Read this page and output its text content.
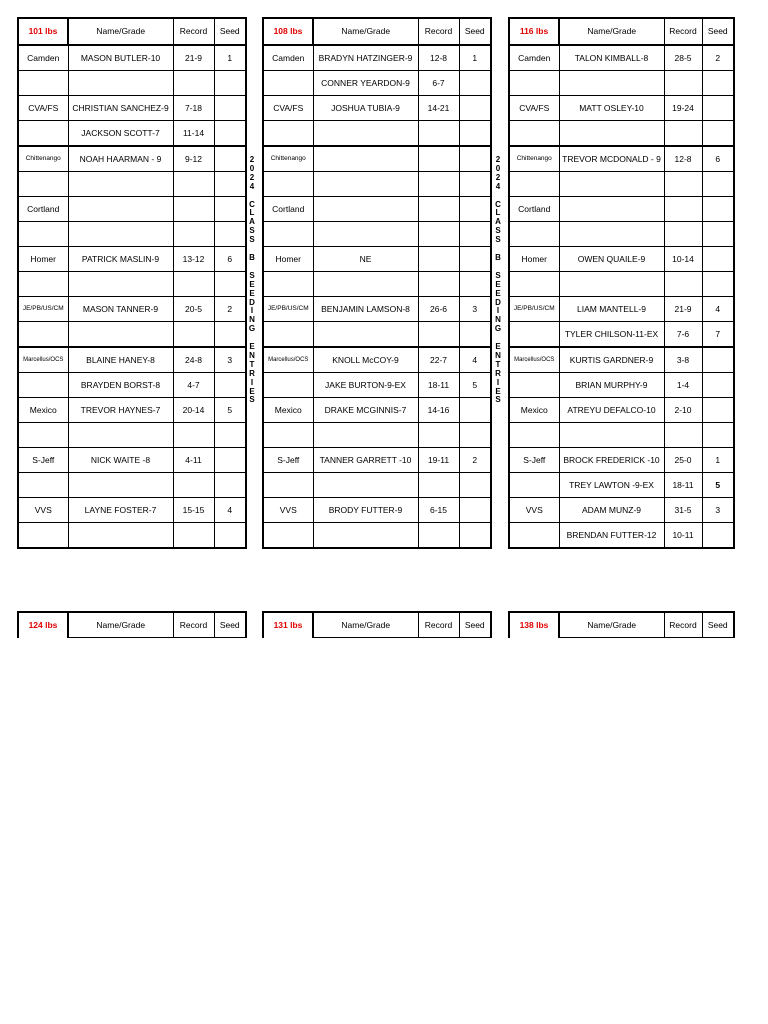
101 lbs	Name/Grade	Record	Seed
Camden	MASON BUTLER-10	21-9	1

CVA/FS	CHRISTIAN SANCHEZ-9	7-18	
	JACKSON SCOTT-7	11-14	
Chittenango	NOAH HAARMAN - 9	9-12	

Cortland			

Homer	PATRICK MASLIN-9	13-12	6

JE/PB/US/CM	MASON TANNER-9	20-5	2

Marcellus/OCS	BLAINE HANEY-8	24-8	3
	BRAYDEN BORST-8	4-7	
Mexico	TREVOR HAYNES-7	20-14	5

S-Jeff	NICK WAITE -8	4-11	

VVS	LAYNE FOSTER-7	15-15	4

2
0
2
4

C
L
A
S
S

B

S
E
E
D
I
N
G

E
N
T
R
I
E
S
108 lbs	Name/Grade	Record	Seed
Camden	BRADYN HATZINGER-9	12-8	1
	CONNER YEARDON-9	6-7	
CVA/FS	JOSHUA TUBIA-9	14-21	

Chittenango			

Cortland			

Homer	NE		

JE/PB/US/CM	BENJAMIN LAMSON-8	26-6	3

Marcellus/OCS	KNOLL McCOY-9	22-7	4
	JAKE BURTON-9-EX	18-11	5
Mexico	DRAKE MCGINNIS-7	14-16	

S-Jeff	TANNER GARRETT -10	19-11	2

VVS	BRODY FUTTER-9	6-15	

2
0
2
4

C
L
A
S
S

B

S
E
E
D
I
N
G

E
N
T
R
I
E
S
116 lbs	Name/Grade	Record	Seed
Camden	TALON KIMBALL-8	28-5	2

CVA/FS	MATT OSLEY-10	19-24	

Chittenango	TREVOR MCDONALD - 9	12-8	6

Cortland			

Homer	OWEN QUAILE-9	10-14	

JE/PB/US/CM	LIAM MANTELL-9	21-9	4
	TYLER CHILSON-11-EX	7-6	7
Marcellus/OCS	KURTIS GARDNER-9	3-8	
	BRIAN MURPHY-9	1-4	
Mexico	ATREYU DEFALCO-10	2-10	

S-Jeff	BROCK FREDERICK -10	25-0	1
	TREY LAWTON -9-EX	18-11	5
VVS	ADAM MUNZ-9	31-5	3
	BRENDAN FUTTER-12	10-11	
124 lbs	Name/Grade	Record	Seed	131 lbs	Name/Grade	Record	Seed	138 lbs	Name/Grade	Record	Seed
